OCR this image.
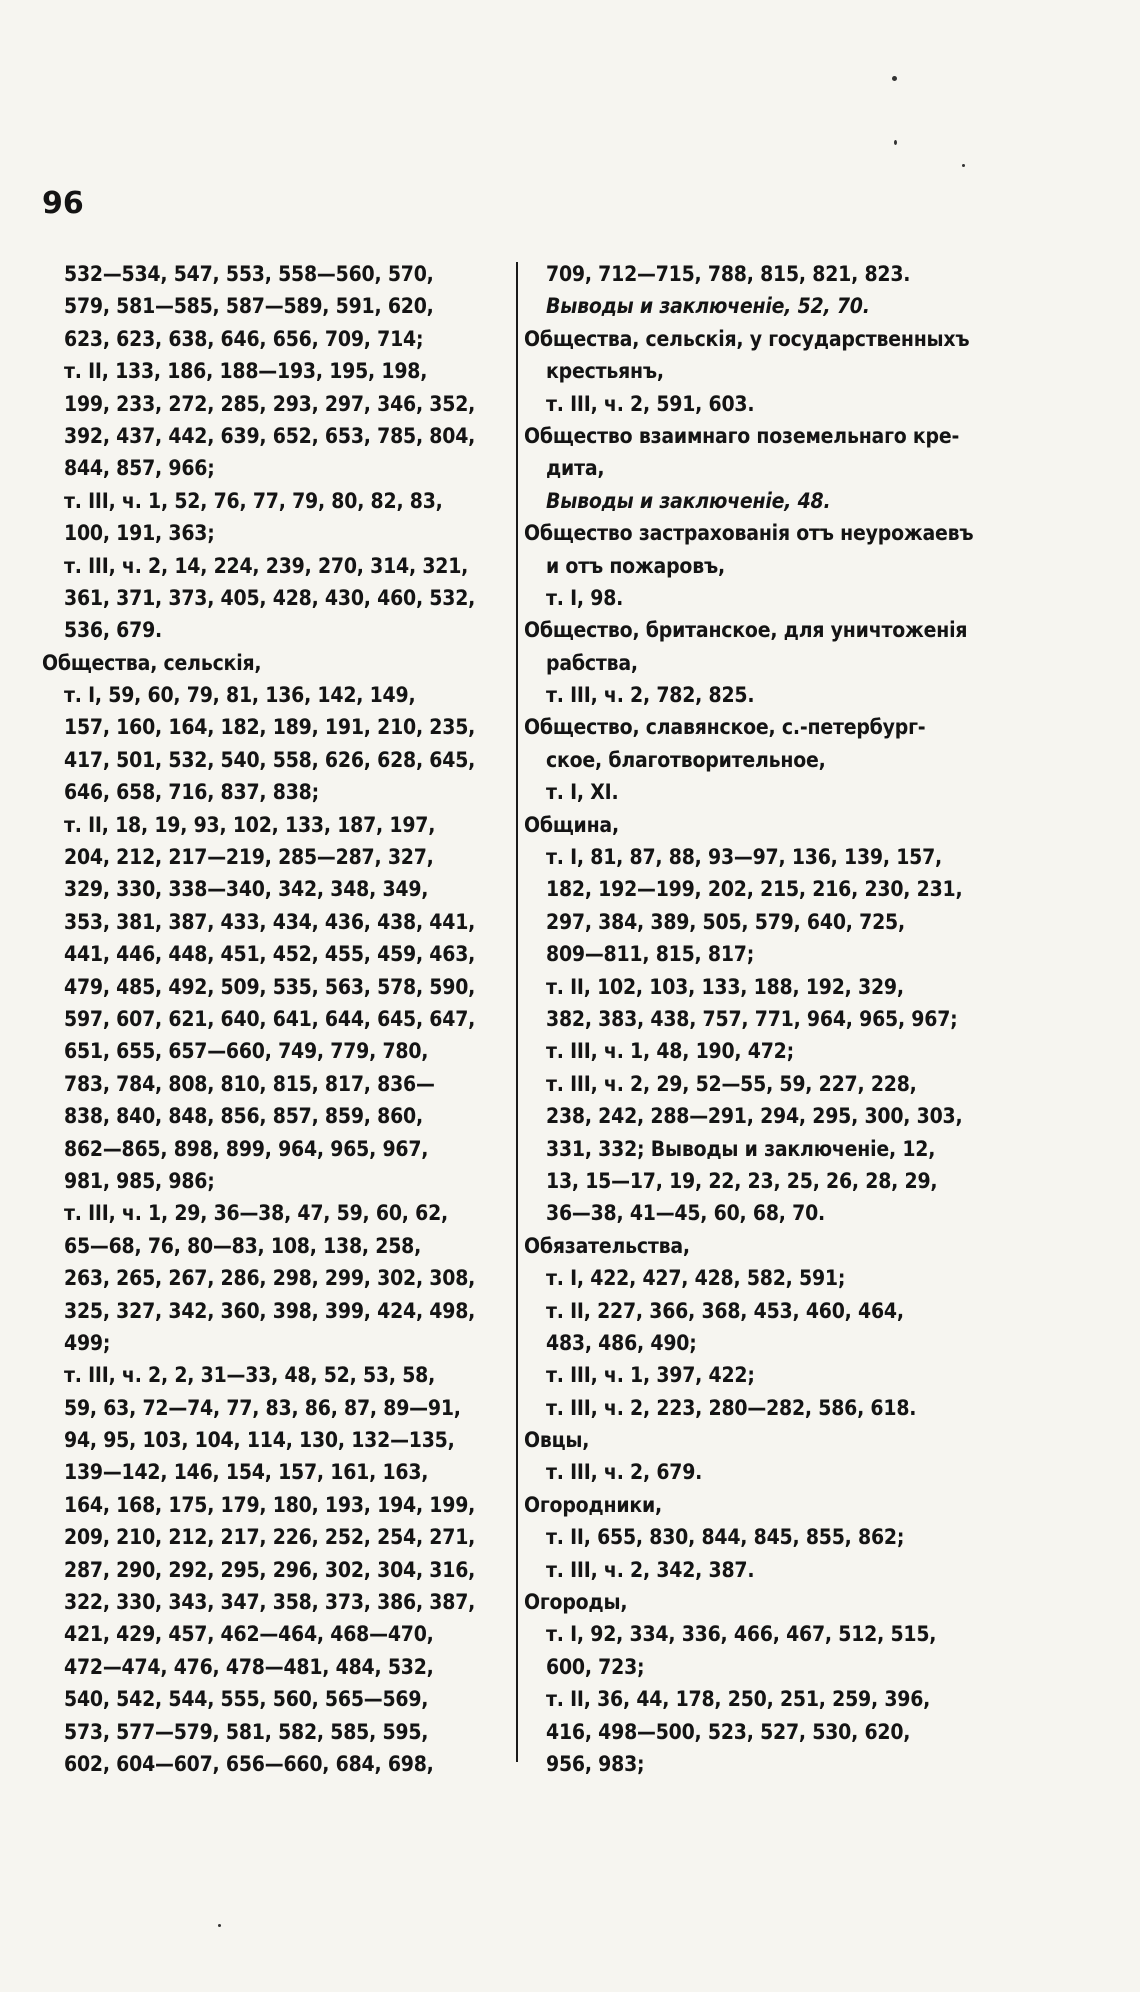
96
532—534, 547, 553, 558—560, 570,
579, 581—585, 587—589, 591, 620,
623, 623, 638, 646, 656, 709, 714;
т. II, 133, 186, 188—193, 195, 198,
199, 233, 272, 285, 293, 297, 346, 352,
392, 437, 442, 639, 652, 653, 785, 804,
844, 857, 966;
т. III, ч. 1, 52, 76, 77, 79, 80, 82, 83,
100, 191, 363;
т. III, ч. 2, 14, 224, 239, 270, 314, 321,
361, 371, 373, 405, 428, 430, 460, 532,
536, 679.
Общества, сельскія,
т. I, 59, 60, 79, 81, 136, 142, 149,
157, 160, 164, 182, 189, 191, 210, 235,
417, 501, 532, 540, 558, 626, 628, 645,
646, 658, 716, 837, 838;
т. II, 18, 19, 93, 102, 133, 187, 197,
204, 212, 217—219, 285—287, 327,
329, 330, 338—340, 342, 348, 349,
353, 381, 387, 433, 434, 436, 438, 441,
441, 446, 448, 451, 452, 455, 459, 463,
479, 485, 492, 509, 535, 563, 578, 590,
597, 607, 621, 640, 641, 644, 645, 647,
651, 655, 657—660, 749, 779, 780,
783, 784, 808, 810, 815, 817, 836—
838, 840, 848, 856, 857, 859, 860,
862—865, 898, 899, 964, 965, 967,
981, 985, 986;
т. III, ч. 1, 29, 36—38, 47, 59, 60, 62,
65—68, 76, 80—83, 108, 138, 258,
263, 265, 267, 286, 298, 299, 302, 308,
325, 327, 342, 360, 398, 399, 424, 498,
499;
т. III, ч. 2, 2, 31—33, 48, 52, 53, 58,
59, 63, 72—74, 77, 83, 86, 87, 89—91,
94, 95, 103, 104, 114, 130, 132—135,
139—142, 146, 154, 157, 161, 163,
164, 168, 175, 179, 180, 193, 194, 199,
209, 210, 212, 217, 226, 252, 254, 271,
287, 290, 292, 295, 296, 302, 304, 316,
322, 330, 343, 347, 358, 373, 386, 387,
421, 429, 457, 462—464, 468—470,
472—474, 476, 478—481, 484, 532,
540, 542, 544, 555, 560, 565—569,
573, 577—579, 581, 582, 585, 595,
602, 604—607, 656—660, 684, 698,
709, 712—715, 788, 815, 821, 823.
Выводы и заключеніе, 52, 70.
Общества, сельскія, у государственныхъ
крестьянъ,
т. III, ч. 2, 591, 603.
Общество взаимнаго поземельнаго кре-
дита,
Выводы и заключеніе, 48.
Общество застрахованія отъ неурожаевъ
и отъ пожаровъ,
т. I, 98.
Общество, британское, для уничтоженія
рабства,
т. III, ч. 2, 782, 825.
Общество, славянское, с.-петербург-
ское, благотворительное,
т. I, XI.
Община,
т. I, 81, 87, 88, 93—97, 136, 139, 157,
182, 192—199, 202, 215, 216, 230, 231,
297, 384, 389, 505, 579, 640, 725,
809—811, 815, 817;
т. II, 102, 103, 133, 188, 192, 329,
382, 383, 438, 757, 771, 964, 965, 967;
т. III, ч. 1, 48, 190, 472;
т. III, ч. 2, 29, 52—55, 59, 227, 228,
238, 242, 288—291, 294, 295, 300, 303,
331, 332; Выводы и заключеніе, 12,
13, 15—17, 19, 22, 23, 25, 26, 28, 29,
36—38, 41—45, 60, 68, 70.
Обязательства,
т. I, 422, 427, 428, 582, 591;
т. II, 227, 366, 368, 453, 460, 464,
483, 486, 490;
т. III, ч. 1, 397, 422;
т. III, ч. 2, 223, 280—282, 586, 618.
Овцы,
т. III, ч. 2, 679.
Огородники,
т. II, 655, 830, 844, 845, 855, 862;
т. III, ч. 2, 342, 387.
Огороды,
т. I, 92, 334, 336, 466, 467, 512, 515,
600, 723;
т. II, 36, 44, 178, 250, 251, 259, 396,
416, 498—500, 523, 527, 530, 620,
956, 983;
